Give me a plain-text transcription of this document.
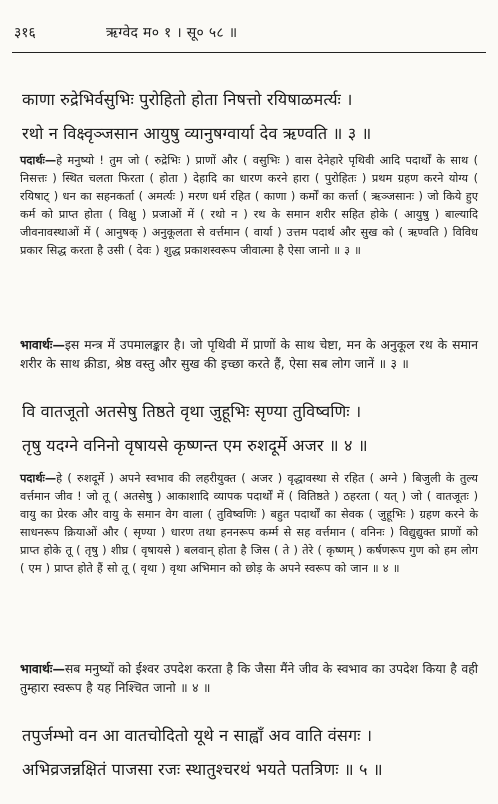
३१६	ऋग्वेद म० १ । सू० ५८ ॥
काणा रुद्रेभिर्वसुभिः पुरोहितो होता निषत्तो रयिषाळमर्त्यः ।
रथो न विक्ष्वृञ्जसान आयुषु व्यानुषग्वार्या देव ऋण्वति ॥ ३ ॥
पदार्थः—हे मनुष्यो ! तुम जो ( रुद्रेभिः ) प्राणों और ( वसुभिः ) वास देनेहारे पृथिवी आदि पदार्थों के साथ ( निसत्तः ) स्थित चलता फिरता ( होता ) देहादि का धारण करने हारा ( पुरोहितः ) प्रथम ग्रहण करने योग्य ( रयिषाट् ) धन का सहनकर्ता ( अमर्त्यः ) मरण धर्म रहित ( काणा ) कर्मों का कर्त्ता ( ऋञ्जसानः ) जो किये हुए कर्म को प्राप्त होता ( विक्षु ) प्रजाओं में ( रथो न ) रथ के समान शरीर सहित होके ( आयुषु ) बाल्यादि जीवनावस्थाओं में ( आनुषक् ) अनुकूलता से वर्त्तमान ( वार्या ) उत्तम पदार्थ और सुख को ( ऋण्वति ) विविध प्रकार सिद्ध करता है उसी ( देवः ) शुद्ध प्रकाशस्वरूप जीवात्मा है ऐसा जानो ॥ ३ ॥
भावार्थः—इस मन्त्र में उपमालङ्कार है। जो पृथिवी में प्राणों के साथ चेष्टा, मन के अनुकूल रथ के समान शरीर के साथ क्रीडा, श्रेष्ठ वस्तु और सुख की इच्छा करते हैं, ऐसा सब लोग जानें ॥ ३ ॥
वि वातजूतो अतसेषु तिष्ठते वृथा जुहूभिः सृण्या तुविष्वणिः ।
तृषु यदग्ने वनिनो वृषायसे कृष्णन्त एम रुशदूर्मे अजर ॥ ४ ॥
पदार्थः—हे ( रुशदूर्मे ) अपने स्वभाव की लहरीयुक्त ( अजर ) वृद्धावस्था से रहित ( अग्ने ) बिजुली के तुल्य वर्त्तमान जीव ! जो तू ( अतसेषु ) आकाशादि व्यापक पदार्थों में ( वितिष्ठते ) ठहरता ( यत् ) जो ( वातजूतः ) वायु का प्रेरक और वायु के समान वेग वाला ( तुविष्वणिः ) बहुत पदार्थों का सेवक ( जुहूभिः ) ग्रहण करने के साधनरूप क्रियाओं और ( सृण्या ) धारण तथा हननरूप कर्म्म से सह वर्त्तमान ( वनिनः ) विद्युद्युक्त प्राणों को प्राप्त होके तू ( तृषु ) शीघ्र ( वृषायसे ) बलवान् होता है जिस ( ते ) तेरे ( कृष्णम् ) कर्षणरूप गुण को हम लोग ( एम ) प्राप्त होते हैं सो तू ( वृथा ) वृथा अभिमान को छोड़ के अपने स्वरूप को जान ॥ ४ ॥
भावार्थः—सब मनुष्यों को ईश्वर उपदेश करता है कि जैसा मैंने जीव के स्वभाव का उपदेश किया है वही तुम्हारा स्वरूप है यह निश्चित जानो ॥ ४ ॥
तपुर्जम्भो वन आ वातचोदितो यूथे न साह्वाँ अव वाति वंसगः ।
अभिव्रजन्नक्षितं पाजसा रजः स्थातुश्चरथं भयते पतत्रिणः ॥ ५ ॥
